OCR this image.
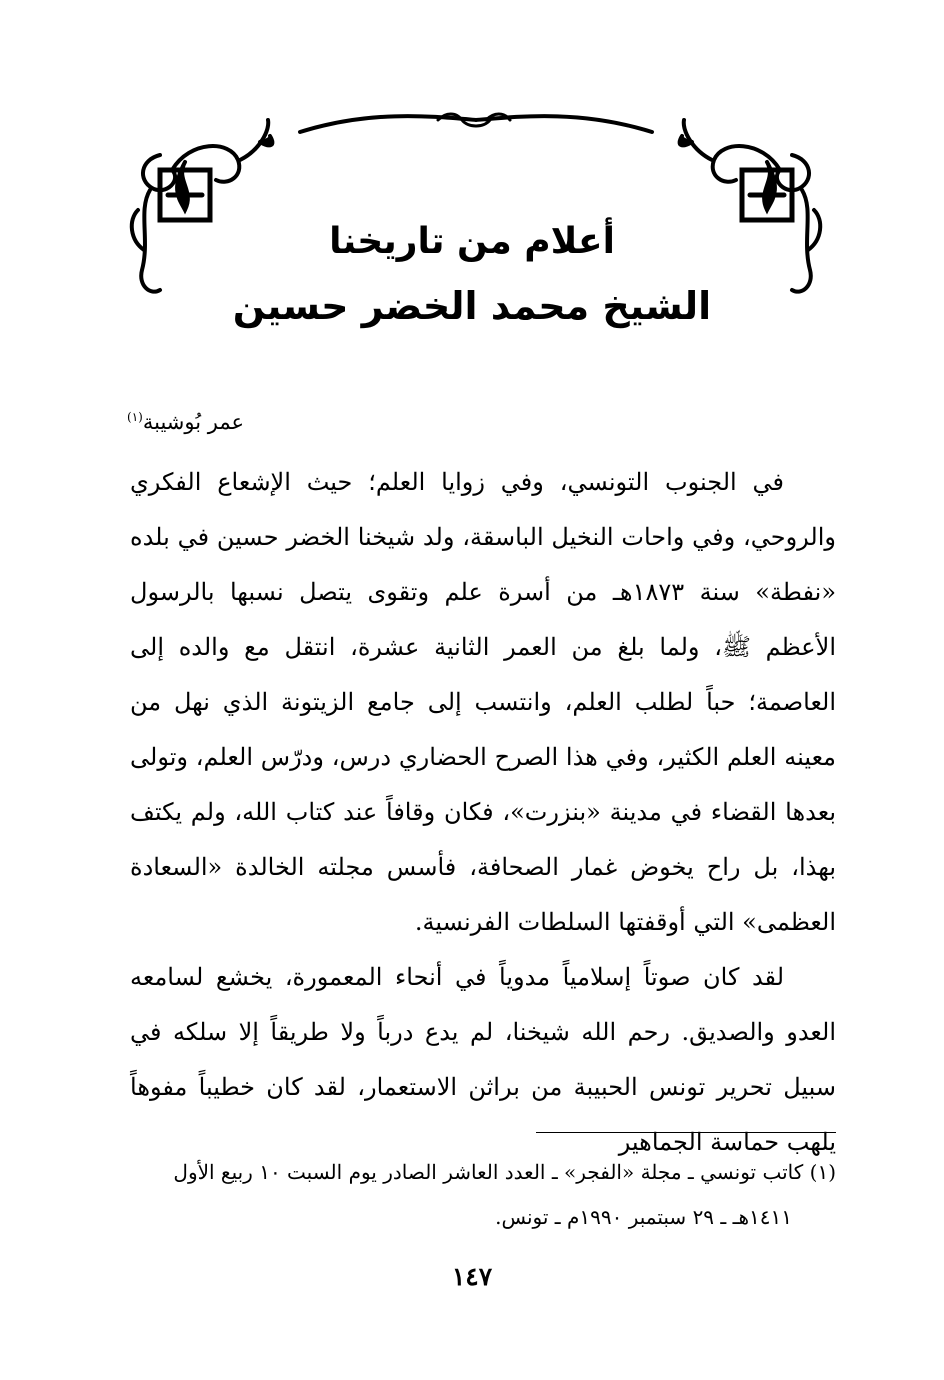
أعلام من تاريخنا
الشيخ محمد الخضر حسين
عمر بُوشيبة$^{(١)}$

في الجنوب التونسي، وفي زوايا العلم؛ حيث الإشعاع الفكري والروحي، وفي واحات النخيل الباسقة، ولد شيخنا الخضر حسين في بلده «نفطة» سنة ١٨٧٣هـ من أسرة علم وتقوى يتصل نسبها بالرسول الأعظم ﷺ، ولما بلغ من العمر الثانية عشرة، انتقل مع والده إلى العاصمة؛ حباً لطلب العلم، وانتسب إلى جامع الزيتونة الذي نهل من معينه العلم الكثير، وفي هذا الصرح الحضاري درس، ودرّس العلم، وتولى بعدها القضاء في مدينة «بنزرت»، فكان وقافاً عند كتاب الله، ولم يكتف بهذا، بل راح يخوض غمار الصحافة، فأسس مجلته الخالدة «السعادة العظمى» التي أوقفتها السلطات الفرنسية.

لقد كان صوتاً إسلامياً مدوياً في أنحاء المعمورة، يخشع لسامعه العدو والصديق. رحم الله شيخنا، لم يدع درباً ولا طريقاً إلا سلكه في سبيل تحرير تونس الحبيبة من براثن الاستعمار، لقد كان خطيباً مفوهاً يلهب حماسة الجماهير

(١) كاتب تونسي ـ مجلة «الفجر» ـ العدد العاشر الصادر يوم السبت ١٠ ربيع الأول
١٤١١هـ ـ ٢٩ سبتمبر ١٩٩٠م ـ تونس.
١٤٧
